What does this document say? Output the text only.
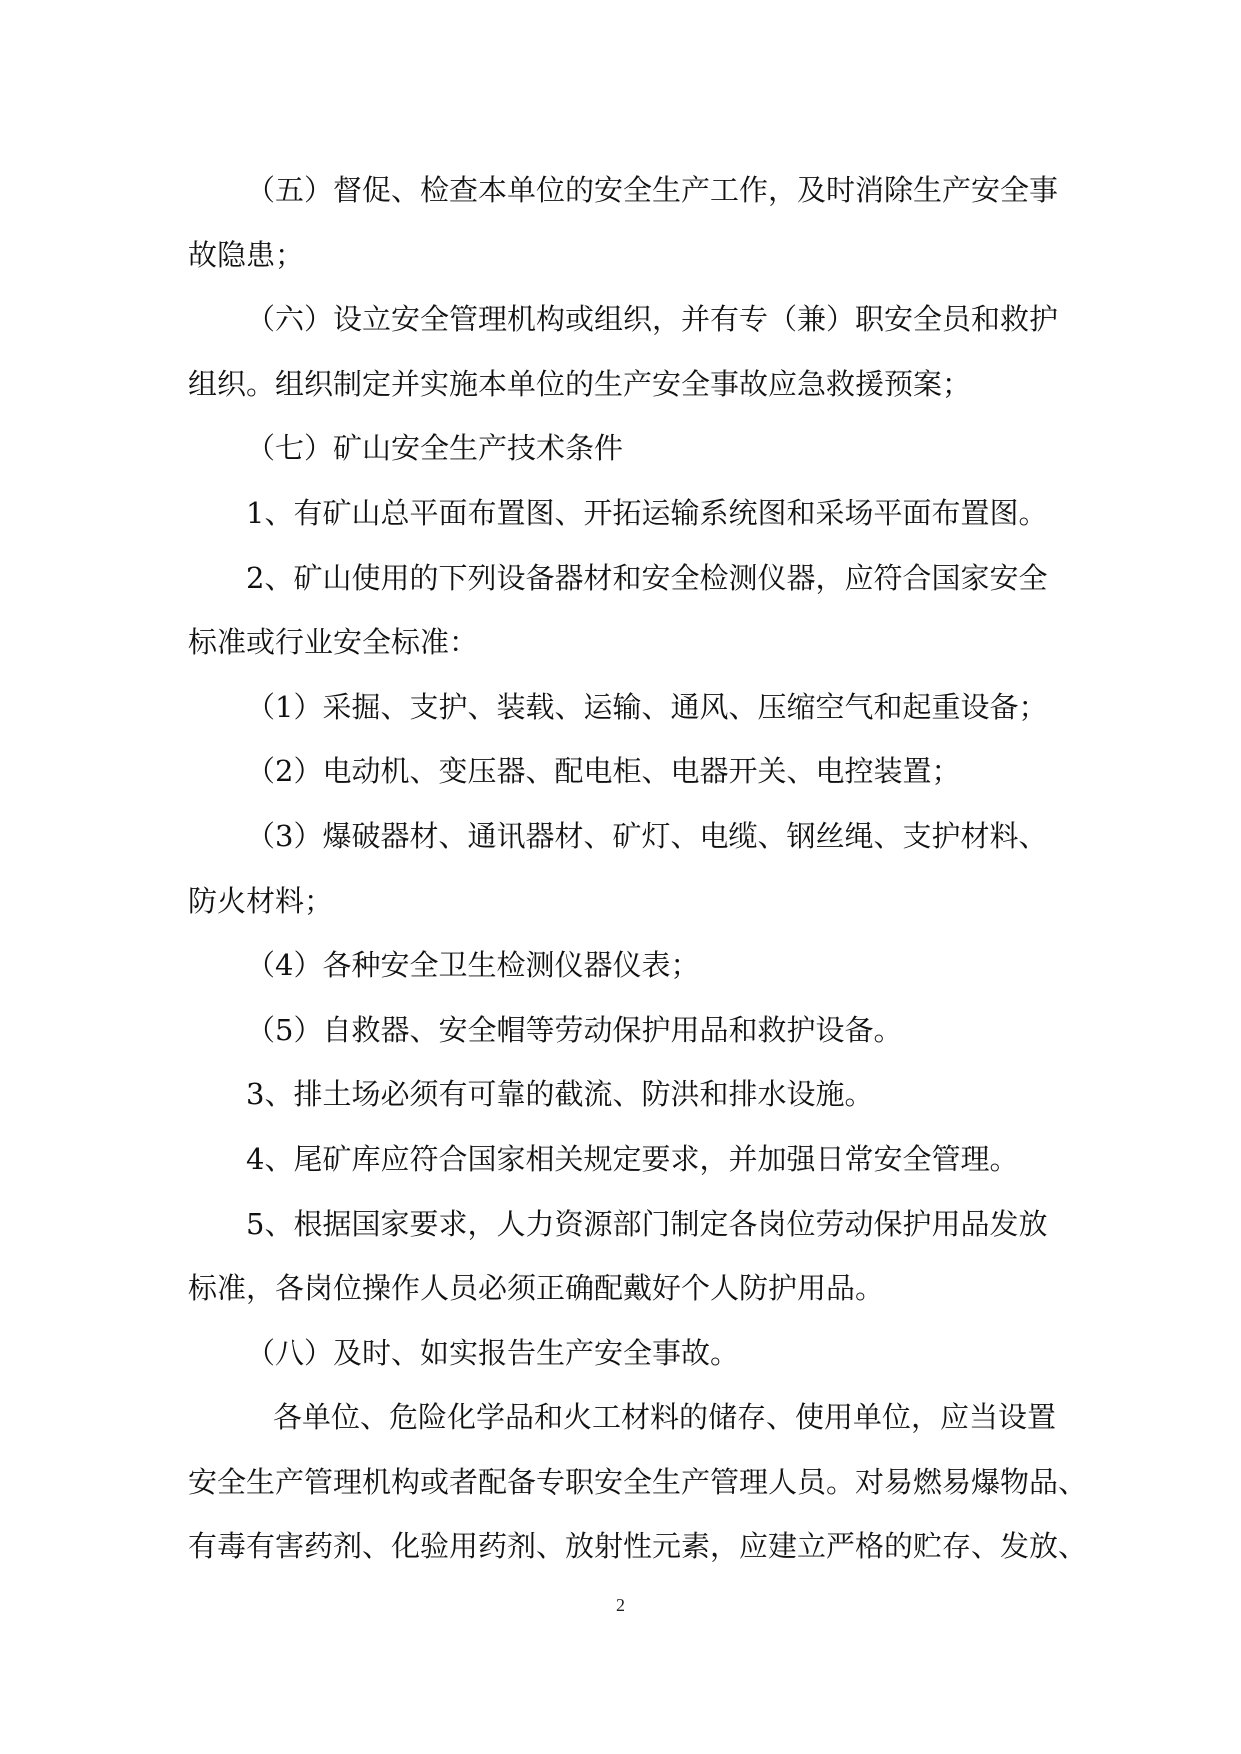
（五）督促、检查本单位的安全生产工作，及时消除生产安全事
故隐患；
（六）设立安全管理机构或组织，并有专（兼）职安全员和救护
组织。组织制定并实施本单位的生产安全事故应急救援预案；
（七）矿山安全生产技术条件
1、有矿山总平面布置图、开拓运输系统图和采场平面布置图。
2、矿山使用的下列设备器材和安全检测仪器，应符合国家安全
标准或行业安全标准：
（1）采掘、支护、装载、运输、通风、压缩空气和起重设备；
（2）电动机、变压器、配电柜、电器开关、电控装置；
（3）爆破器材、通讯器材、矿灯、电缆、钢丝绳、支护材料、
防火材料；
（4）各种安全卫生检测仪器仪表；
（5）自救器、安全帽等劳动保护用品和救护设备。
3、排土场必须有可靠的截流、防洪和排水设施。
4、尾矿库应符合国家相关规定要求，并加强日常安全管理。
5、根据国家要求，人力资源部门制定各岗位劳动保护用品发放
标准，各岗位操作人员必须正确配戴好个人防护用品。
（八）及时、如实报告生产安全事故。
各单位、危险化学品和火工材料的储存、使用单位，应当设置
安全生产管理机构或者配备专职安全生产管理人员。对易燃易爆物品、
有毒有害药剂、化验用药剂、放射性元素，应建立严格的贮存、发放、
2
